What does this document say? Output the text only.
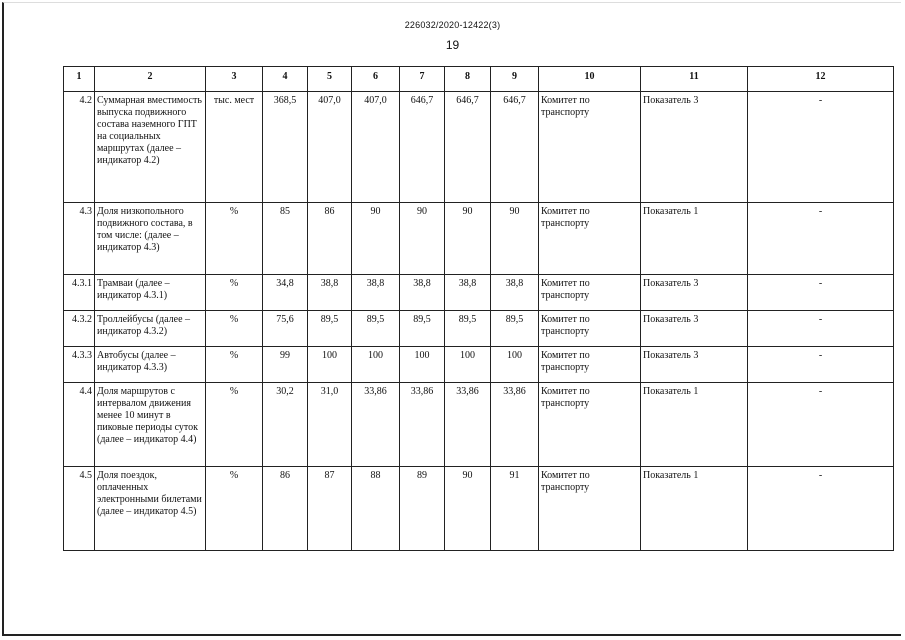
226032/2020-12422(3)
19
1	2	3	4	5	6	7	8	9	10	11	12
4.2	Суммарная вместимость выпуска подвижного состава наземного ГПТ на социальных маршрутах (далее – индикатор 4.2)	тыс. мест	368,5	407,0	407,0	646,7	646,7	646,7	Комитет по транспорту	Показатель 3	-
4.3	Доля низкопольного подвижного состава, в том числе: (далее – индикатор 4.3)	%	85	86	90	90	90	90	Комитет по транспорту	Показатель 1	-
4.3.1	Трамваи (далее – индикатор 4.3.1)	%	34,8	38,8	38,8	38,8	38,8	38,8	Комитет по транспорту	Показатель 3	-
4.3.2	Троллейбусы (далее – индикатор 4.3.2)	%	75,6	89,5	89,5	89,5	89,5	89,5	Комитет по транспорту	Показатель 3	-
4.3.3	Автобусы (далее – индикатор 4.3.3)	%	99	100	100	100	100	100	Комитет по транспорту	Показатель 3	-
4.4	Доля маршрутов с интервалом движения менее 10 минут в пиковые периоды суток (далее – индикатор 4.4)	%	30,2	31,0	33,86	33,86	33,86	33,86	Комитет по транспорту	Показатель 1	-
4.5	Доля поездок, оплаченных электронными билетами (далее – индикатор 4.5)	%	86	87	88	89	90	91	Комитет по транспорту	Показатель 1	-
